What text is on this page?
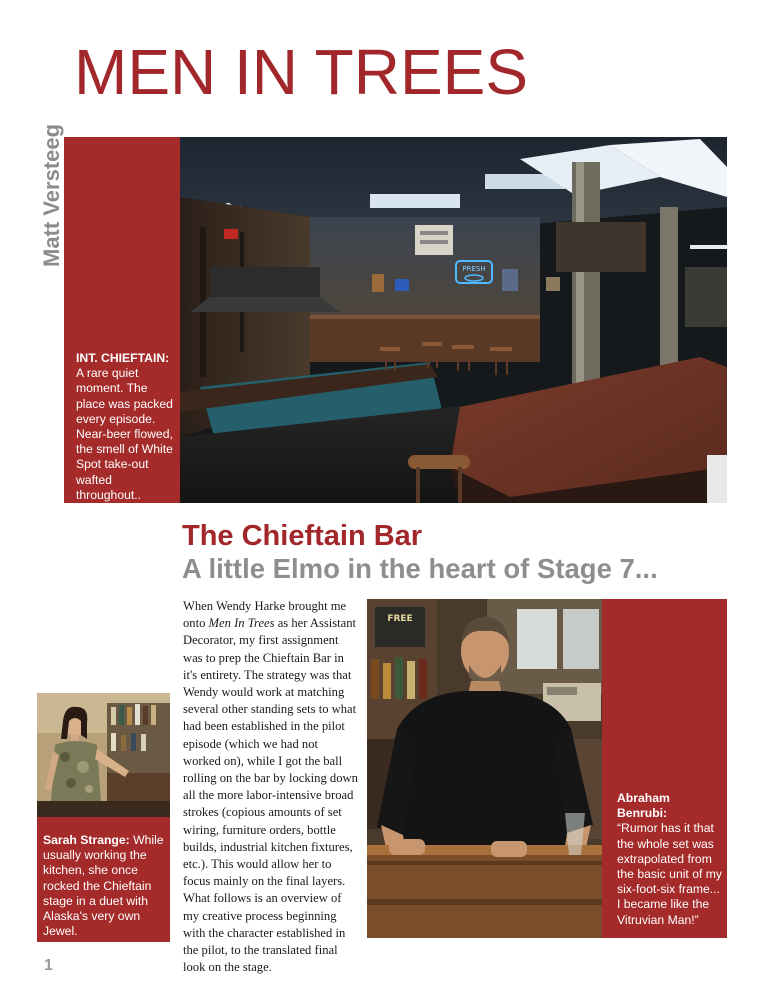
MEN IN TREES
Matt Versteeg
INT. CHIEFTAIN:
A rare quiet moment. The place was packed every episode. Near-beer flowed, the smell of White Spot take-out wafted throughout..
PRESH
The Chieftain Bar
A little Elmo in the heart of Stage 7...
When Wendy Harke brought me onto Men In Trees as her Assistant Decorator, my first assignment was to prep the Chieftain Bar in it's entirety. The strategy was that Wendy would work at matching several other standing sets to what had been established in the pilot episode (which we had not worked on), while I got the ball rolling on the bar by locking down all the more labor-intensive broad strokes (copious amounts of set wiring, furniture orders, bottle builds, industrial kitchen fixtures, etc.). This would allow her to focus mainly on the final layers. What follows is an overview of my creative process beginning with the character established in the pilot, to the translated final look on the stage.
Sarah Strange: While usually working the kitchen, she once rocked the Chieftain stage in a duet with Alaska's very own Jewel.
FREE
Abraham Benrubi:
“Rumor has it that the whole set was extrapolated from the basic unit of my six-foot-six frame... I became like the Vitruvian Man!”
1
